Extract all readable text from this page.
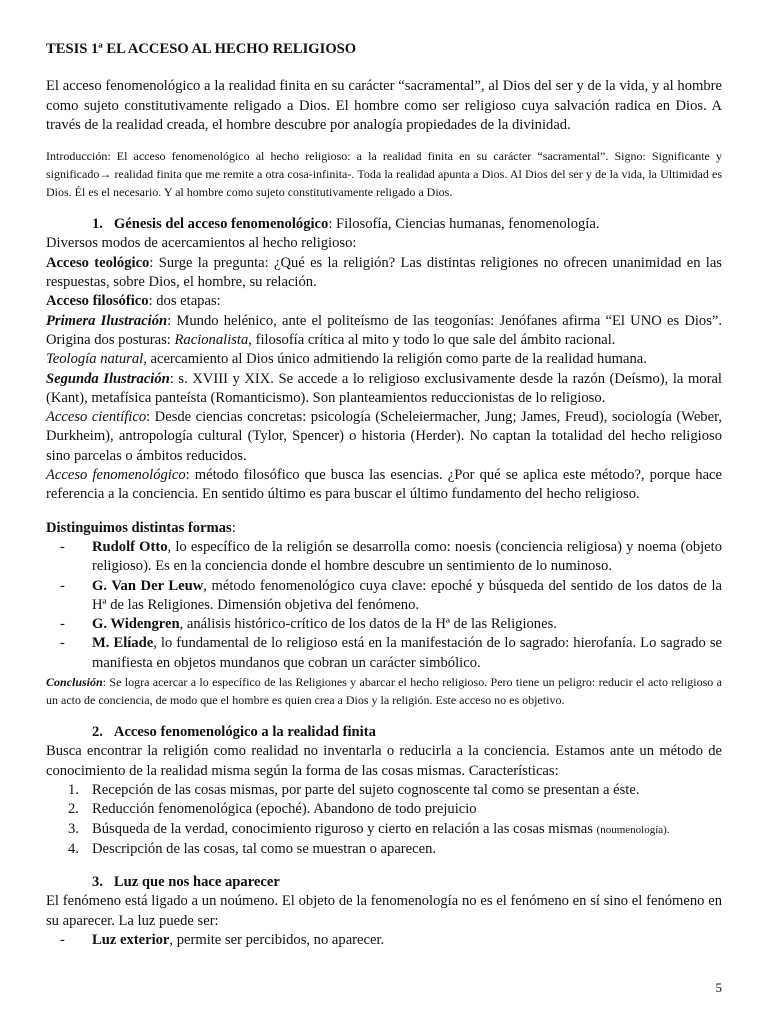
TESIS 1ª EL ACCESO AL HECHO RELIGIOSO

El acceso fenomenológico a la realidad finita en su carácter “sacramental”, al Dios del ser y de la vida, y al hombre como sujeto constitutivamente religado a Dios. El hombre como ser religioso cuya salvación radica en Dios. A través de la realidad creada, el hombre descubre por analogía propiedades de la divinidad.

Introducción: El acceso fenomenológico al hecho religioso: a la realidad finita en su carácter “sacramental”. Signo: Significante y significado→ realidad finita que me remite a otra cosa-infinita-. Toda la realidad apunta a Dios. Al Dios del ser y de la vida, la Ultimidad es Dios. Él es el necesario. Y al hombre como sujeto constitutivamente religado a Dios.

1. Génesis del acceso fenomenológico: Filosofía, Ciencias humanas, fenomenología.

Diversos modos de acercamientos al hecho religioso:

Acceso teológico: Surge la pregunta: ¿Qué es la religión? Las distintas religiones no ofrecen unanimidad en las respuestas, sobre Dios, el hombre, su relación.

Acceso filosófico: dos etapas:

Primera Ilustración: Mundo helénico, ante el politeísmo de las teogonías: Jenófanes afirma “El UNO es Dios”. Origina dos posturas: Racionalista, filosofía crítica al mito y todo lo que sale del ámbito racional.

Teología natural, acercamiento al Dios único admitiendo la religión como parte de la realidad humana.

Segunda Ilustración: s. XVIII y XIX. Se accede a lo religioso exclusivamente desde la razón (Deísmo), la moral (Kant), metafísica panteísta (Romanticismo). Son planteamientos reduccionistas de lo religioso.

Acceso científico: Desde ciencias concretas: psicología (Scheleiermacher, Jung; James, Freud), sociología (Weber, Durkheim), antropología cultural (Tylor, Spencer) o historia (Herder). No captan la totalidad del hecho religioso sino parcelas o ámbitos reducidos.

Acceso fenomenológico: método filosófico que busca las esencias. ¿Por qué se aplica este método?, porque hace referencia a la conciencia. En sentido último es para buscar el último fundamento del hecho religioso.

Distinguimos distintas formas:

- Rudolf Otto, lo específico de la religión se desarrolla como: noesis (conciencia religiosa) y noema (objeto religioso). Es en la conciencia donde el hombre descubre un sentimiento de lo numinoso.
- G. Van Der Leuw, método fenomenológico cuya clave: epoché y búsqueda del sentido de los datos de la Hª de las Religiones. Dimensión objetiva del fenómeno.
- G. Widengren, análisis histórico-crítico de los datos de la Hª de las Religiones.
- M. Elíade, lo fundamental de lo religioso está en la manifestación de lo sagrado: hierofanía. Lo sagrado se manifiesta en objetos mundanos que cobran un carácter simbólico.

Conclusión: Se logra acercar a lo específico de las Religiones y abarcar el hecho religioso. Pero tiene un peligro: reducir el acto religioso a un acto de conciencia, de modo que el hombre es quien crea a Dios y la religión. Este acceso no es objetivo.

2. Acceso fenomenológico a la realidad finita

Busca encontrar la religión como realidad no inventarla o reducirla a la conciencia. Estamos ante un método de conocimiento de la realidad misma según la forma de las cosas mismas. Características:

1. Recepción de las cosas mismas, por parte del sujeto cognoscente tal como se presentan a éste.
2. Reducción fenomenológica (epoché). Abandono de todo prejuicio
3. Búsqueda de la verdad, conocimiento riguroso y cierto en relación a las cosas mismas (noumenología).
4. Descripción de las cosas, tal como se muestran o aparecen.

3. Luz que nos hace aparecer

El fenómeno está ligado a un noúmeno. El objeto de la fenomenología no es el fenómeno en sí sino el fenómeno en su aparecer. La luz puede ser:

- Luz exterior, permite ser percibidos, no aparecer.
5
